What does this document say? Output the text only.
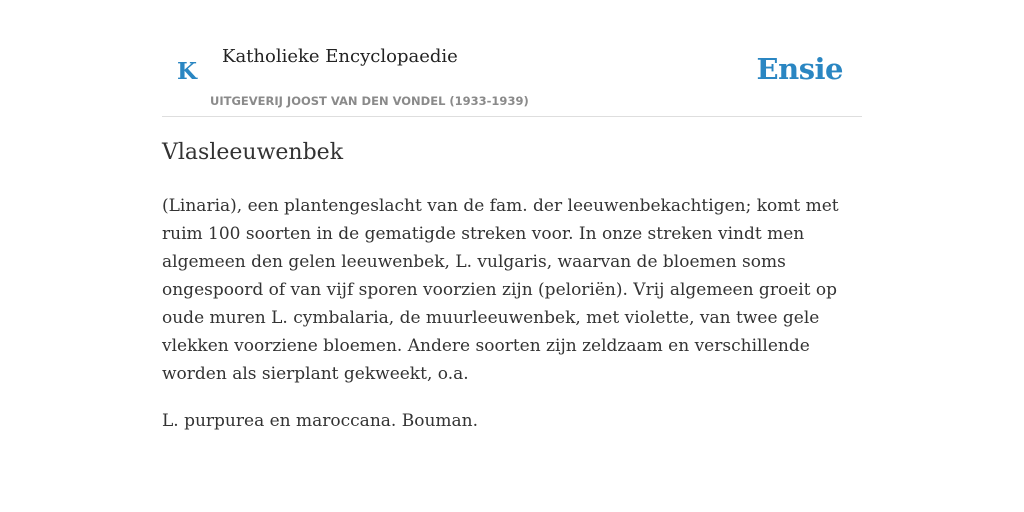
K
Katholieke Encyclopaedie
UITGEVERIJ JOOST VAN DEN VONDEL (1933-1939)
Ensie
Vlasleeuwenbek

(Linaria), een plantengeslacht van de fam. der leeuwenbekachtigen; komt met ruim 100 soorten in de gematigde streken voor. In onze streken vindt men algemeen den gelen leeuwenbek, L. vulgaris, waarvan de bloemen soms ongespoord of van vijf sporen voorzien zijn (peloriën). Vrij algemeen groeit op oude muren L. cymbalaria, de muurleeuwenbek, met violette, van twee gele vlekken voorziene bloemen. Andere soorten zijn zeldzaam en verschillende worden als sierplant gekweekt, o.a.

L. purpurea en maroccana. Bouman.
